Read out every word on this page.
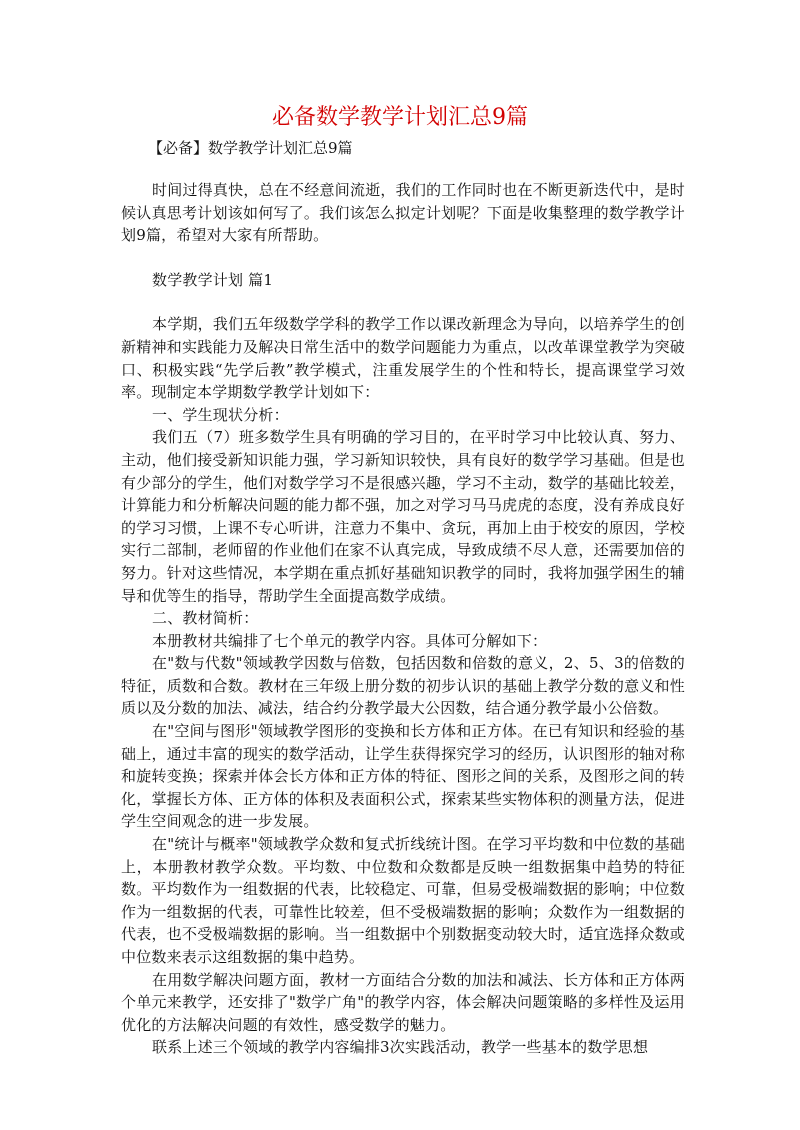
必备数学教学计划汇总9篇

【必备】数学教学计划汇总9篇

时间过得真快，总在不经意间流逝，我们的工作同时也在不断更新迭代中，是时候认真思考计划该如何写了。我们该怎么拟定计划呢？下面是收集整理的数学教学计划9篇，希望对大家有所帮助。

数学教学计划 篇1

本学期，我们五年级数学学科的教学工作以课改新理念为导向，以培养学生的创新精神和实践能力及解决日常生活中的数学问题能力为重点，以改革课堂教学为突破口、积极实践“先学后教”教学模式，注重发展学生的个性和特长，提高课堂学习效率。现制定本学期数学教学计划如下：

一、学生现状分析：

我们五（7）班多数学生具有明确的学习目的，在平时学习中比较认真、努力、主动，他们接受新知识能力强，学习新知识较快，具有良好的数学学习基础。但是也有少部分的学生，他们对数学学习不是很感兴趣，学习不主动，数学的基础比较差，计算能力和分析解决问题的能力都不强，加之对学习马马虎虎的态度，没有养成良好的学习习惯，上课不专心听讲，注意力不集中、贪玩，再加上由于校安的原因，学校实行二部制，老师留的作业他们在家不认真完成，导致成绩不尽人意，还需要加倍的努力。针对这些情况，本学期在重点抓好基础知识教学的同时，我将加强学困生的辅导和优等生的指导，帮助学生全面提高数学成绩。

二、教材简析：

本册教材共编排了七个单元的教学内容。具体可分解如下：

在"数与代数"领域教学因数与倍数，包括因数和倍数的意义，2、5、3的倍数的特征，质数和合数。教材在三年级上册分数的初步认识的基础上教学分数的意义和性质以及分数的加法、减法，结合约分教学最大公因数，结合通分教学最小公倍数。

在"空间与图形"领域教学图形的变换和长方体和正方体。在已有知识和经验的基础上，通过丰富的现实的数学活动，让学生获得探究学习的经历，认识图形的轴对称和旋转变换；探索并体会长方体和正方体的特征、图形之间的关系，及图形之间的转化，掌握长方体、正方体的体积及表面积公式，探索某些实物体积的测量方法，促进学生空间观念的进一步发展。

在"统计与概率"领域教学众数和复式折线统计图。在学习平均数和中位数的基础上，本册教材教学众数。平均数、中位数和众数都是反映一组数据集中趋势的特征数。平均数作为一组数据的代表，比较稳定、可靠，但易受极端数据的影响；中位数作为一组数据的代表，可靠性比较差，但不受极端数据的影响；众数作为一组数据的代表，也不受极端数据的影响。当一组数据中个别数据变动较大时，适宜选择众数或中位数来表示这组数据的集中趋势。

在用数学解决问题方面，教材一方面结合分数的加法和减法、长方体和正方体两个单元来教学，还安排了"数学广角"的教学内容，体会解决问题策略的多样性及运用优化的方法解决问题的有效性，感受数学的魅力。

联系上述三个领域的教学内容编排3次实践活动，教学一些基本的数学思想
